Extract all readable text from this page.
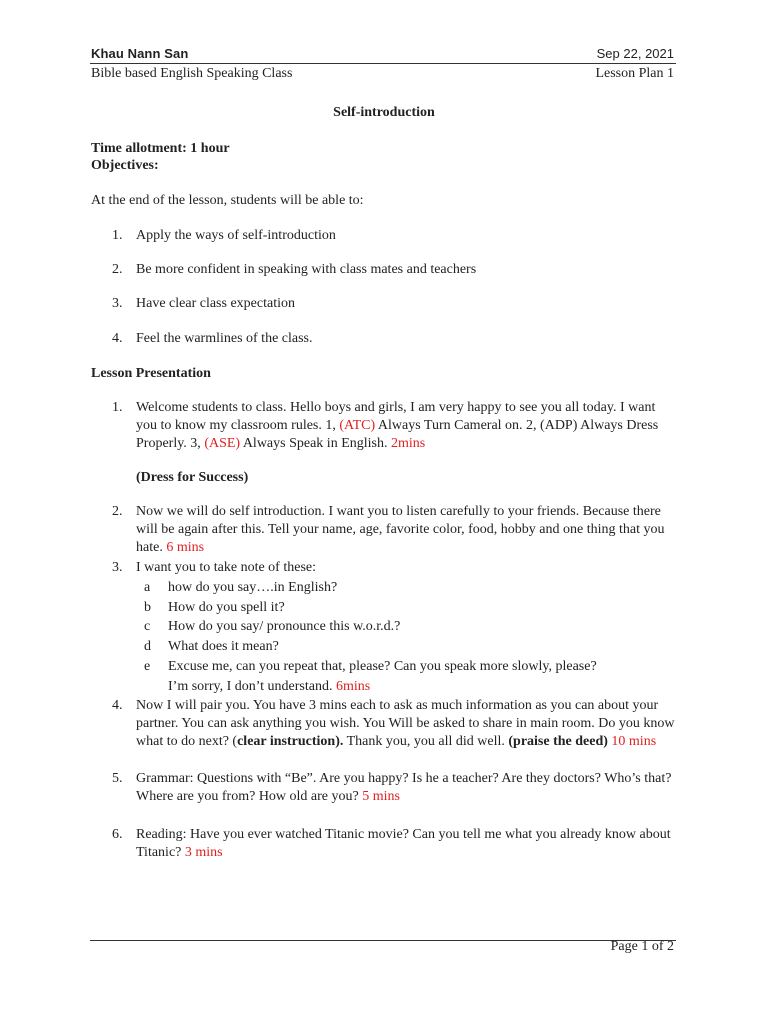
Khau Nann San	Sep 22, 2021
Bible based English Speaking Class	Lesson Plan 1
Self-introduction
Time allotment: 1 hour
Objectives:
At the end of the lesson, students will be able to:
1. Apply the ways of self-introduction
2. Be more confident in speaking with class mates and teachers
3. Have clear class expectation
4. Feel the warmlines of the class.
Lesson Presentation
1. Welcome students to class. Hello boys and girls, I am very happy to see you all today. I want you to know my classroom rules. 1, (ATC) Always Turn Cameral on. 2, (ADP) Always Dress Properly. 3, (ASE) Always Speak in English. 2mins
(Dress for Success)
2. Now we will do self introduction. I want you to listen carefully to your friends. Because there will be again after this. Tell your name, age, favorite color, food, hobby and one thing that you hate. 6 mins
3. I want you to take note of these:
a how do you say….in English?
b How do you spell it?
c How do you say/ pronounce this w.o.r.d.?
d What does it mean?
e Excuse me, can you repeat that, please? Can you speak more slowly, please?
I’m sorry, I don’t understand. 6mins
4. Now I will pair you. You have 3 mins each to ask as much information as you can about your partner. You can ask anything you wish. You Will be asked to share in main room. Do you know what to do next? (clear instruction). Thank you, you all did well. (praise the deed) 10 mins
5. Grammar: Questions with “Be”. Are you happy? Is he a teacher? Are they doctors? Who’s that? Where are you from? How old are you? 5 mins
6. Reading: Have you ever watched Titanic movie? Can you tell me what you already know about Titanic? 3 mins
Page 1 of 2
